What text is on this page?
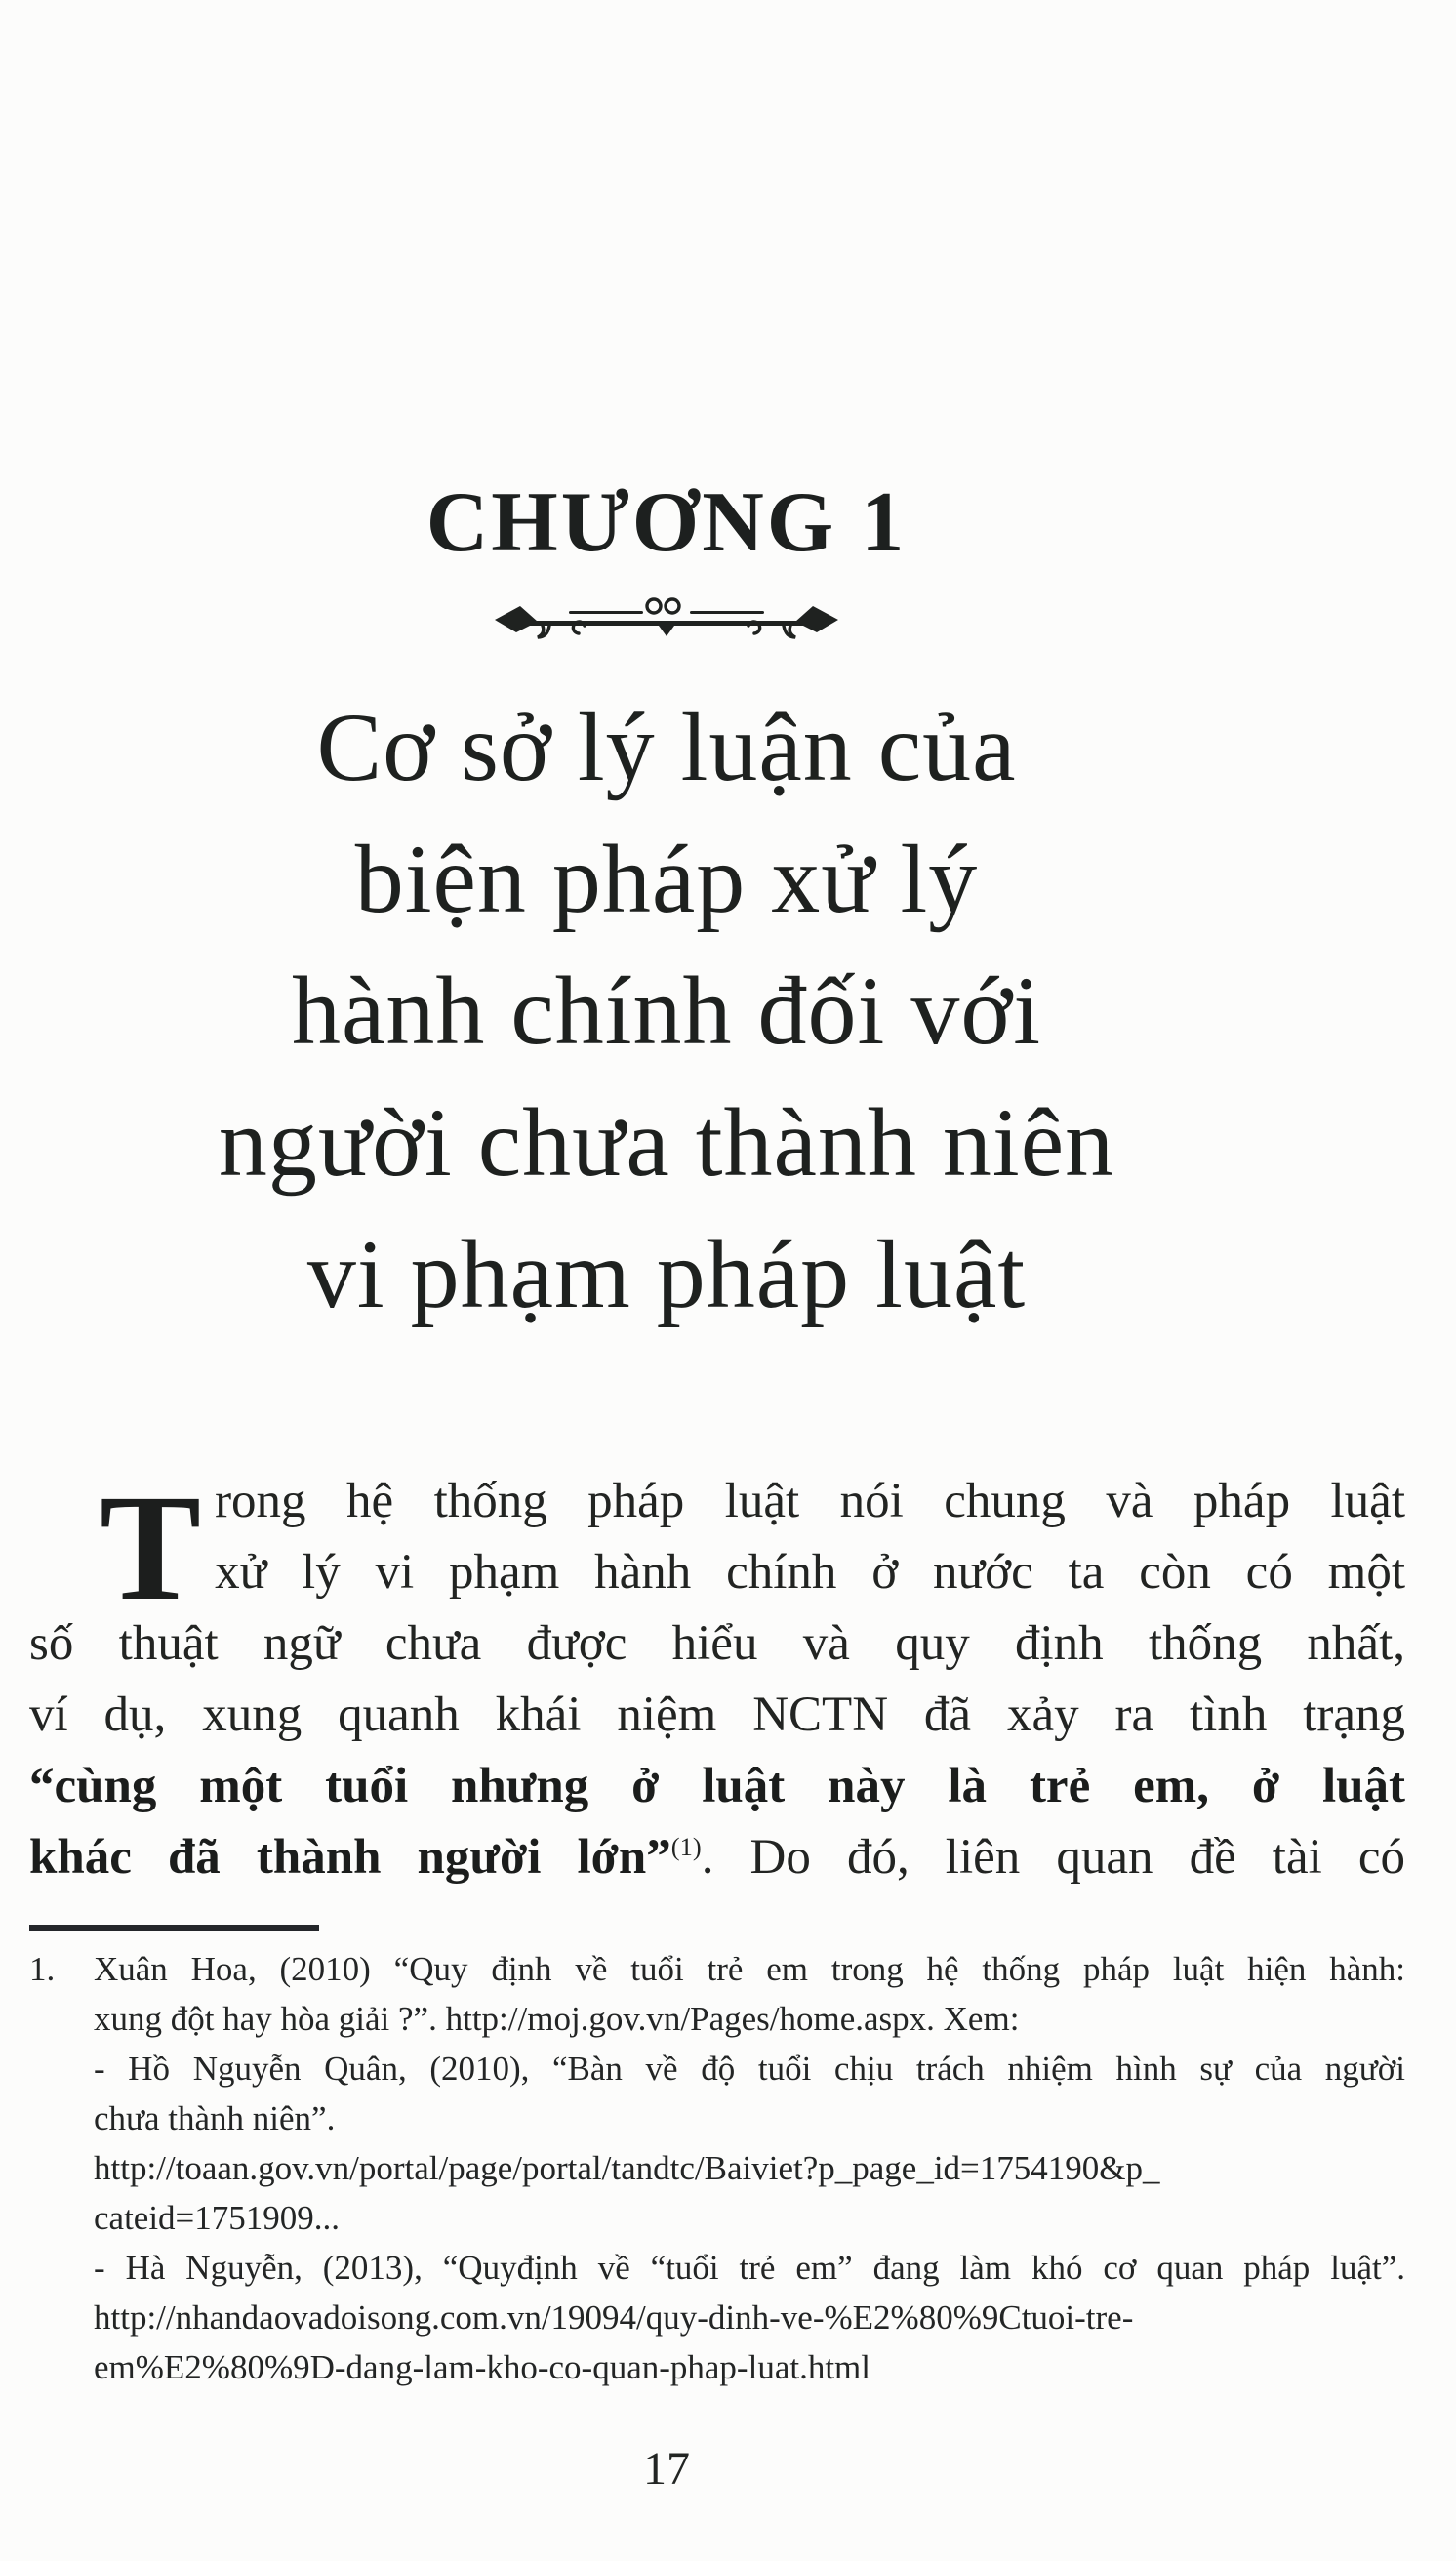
CHƯƠNG 1
Cơ sở lý luận của
biện pháp xử lý
hành chính đối với
người chưa thành niên
vi phạm pháp luật
T rong hệ thống pháp luật nói chung và pháp luật
xử lý vi phạm hành chính ở nước ta còn có một
số thuật ngữ chưa được hiểu và quy định thống nhất,
ví dụ, xung quanh khái niệm NCTN đã xảy ra tình trạng
“cùng một tuổi nhưng ở luật này là trẻ em, ở luật
khác đã thành người lớn”$^{(1)}$. Do đó, liên quan đề tài có
1. Xuân Hoa, (2010) “Quy định về tuổi trẻ em trong hệ thống pháp luật hiện hành:
xung đột hay hòa giải ?”. http://moj.gov.vn/Pages/home.aspx. Xem:
- Hồ Nguyễn Quân, (2010), “Bàn về độ tuổi chịu trách nhiệm hình sự của người
chưa thành niên”.
http://toaan.gov.vn/portal/page/portal/tandtc/Baiviet?p_page_id=1754190&p_
cateid=1751909...
- Hà Nguyễn, (2013), “Quyđịnh về “tuổi trẻ em” đang làm khó cơ quan pháp luật”.
http://nhandaovadoisong.com.vn/19094/quy-dinh-ve-%E2%80%9Ctuoi-tre-
em%E2%80%9D-dang-lam-kho-co-quan-phap-luat.html
17
